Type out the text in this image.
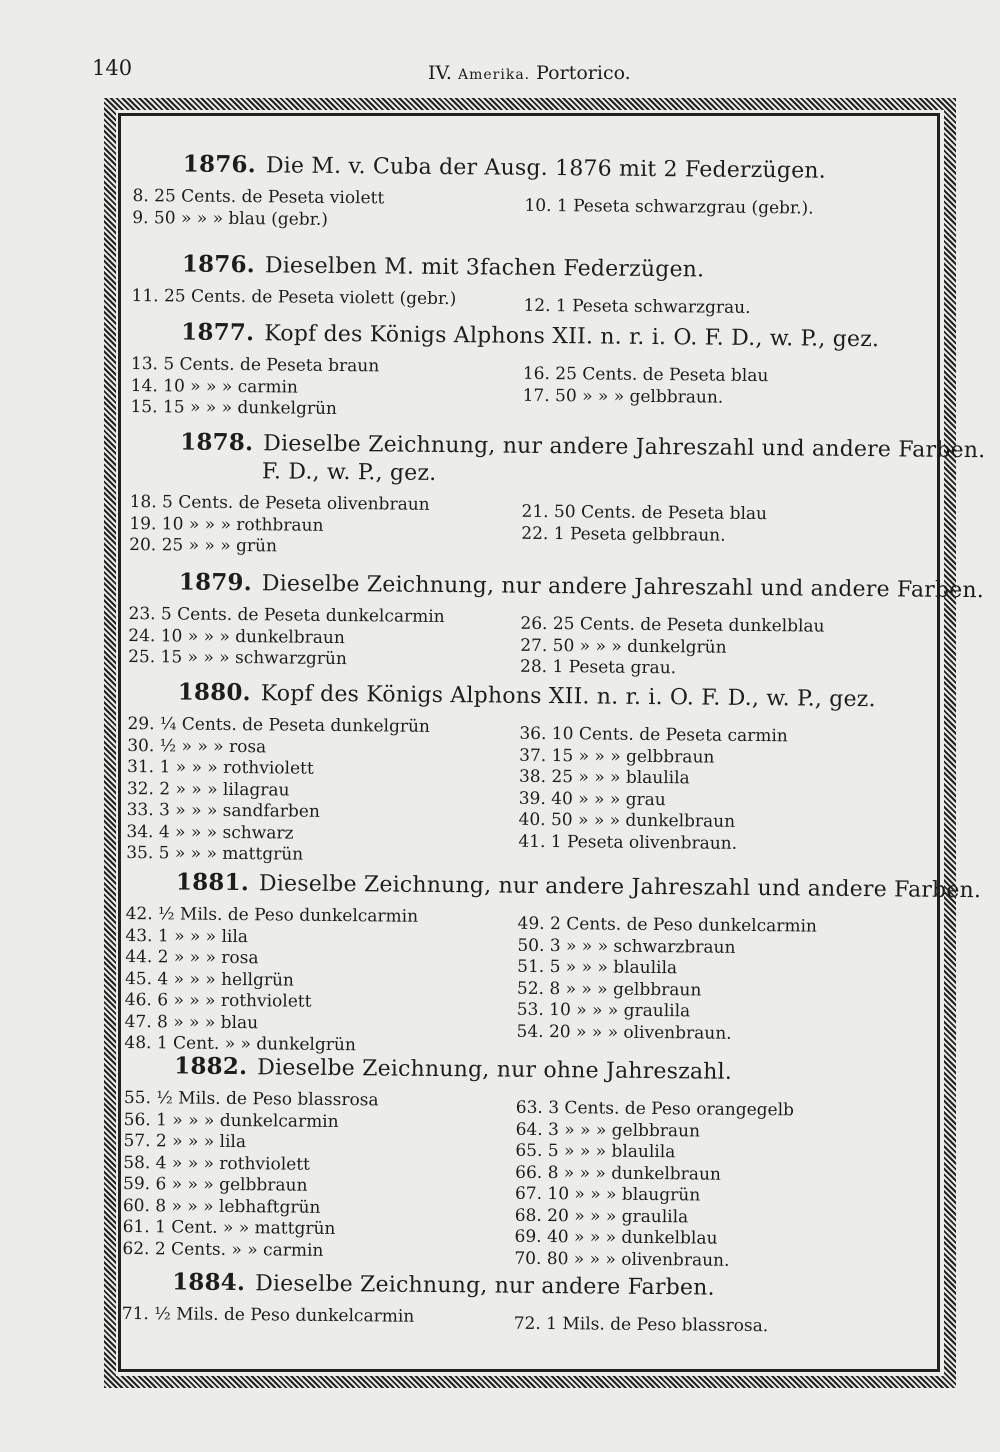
140	IV. Amerika. Portorico.
1876. Die M. v. Cuba der Ausg. 1876 mit 2 Federzügen.
8. 25 Cents. de Peseta violett
9. 50 » » » blau (gebr.)	10. 1 Peseta schwarzgrau (gebr.).
1876. Dieselben M. mit 3fachen Federzügen.
11. 25 Cents. de Peseta violett (gebr.)	12. 1 Peseta schwarzgrau.
1877. Kopf des Königs Alphons XII. n. r. i. O. F. D., w. P., gez.
13. 5 Cents. de Peseta braun
14. 10 » » » carmin
15. 15 » » » dunkelgrün
16. 25 Cents. de Peseta blau
17. 50 » » » gelbbraun.
1878. Dieselbe Zeichnung, nur andere Jahreszahl und andere Farben.
F. D., w. P., gez.
18. 5 Cents. de Peseta olivenbraun
19. 10 » » » rothbraun
20. 25 » » » grün
21. 50 Cents. de Peseta blau
22. 1 Peseta gelbbraun.
1879. Dieselbe Zeichnung, nur andere Jahreszahl und andere Farben.
23. 5 Cents. de Peseta dunkelcarmin
24. 10 » » » dunkelbraun
25. 15 » » » schwarzgrün
26. 25 Cents. de Peseta dunkelblau
27. 50 » » » dunkelgrün
28. 1 Peseta grau.
1880. Kopf des Königs Alphons XII. n. r. i. O. F. D., w. P., gez.
29. ¼ Cents. de Peseta dunkelgrün
30. ½ » » » rosa
31. 1 » » » rothviolett
32. 2 » » » lilagrau
33. 3 » » » sandfarben
34. 4 » » » schwarz
35. 5 » » » mattgrün
36. 10 Cents. de Peseta carmin
37. 15 » » » gelbbraun
38. 25 » » » blaulila
39. 40 » » » grau
40. 50 » » » dunkelbraun
41. 1 Peseta olivenbraun.
1881. Dieselbe Zeichnung, nur andere Jahreszahl und andere Farben.
42. ½ Mils. de Peso dunkelcarmin
43. 1 » » » lila
44. 2 » » » rosa
45. 4 » » » hellgrün
46. 6 » » » rothviolett
47. 8 » » » blau
48. 1 Cent. » » dunkelgrün
49. 2 Cents. de Peso dunkelcarmin
50. 3 » » » schwarzbraun
51. 5 » » » blaulila
52. 8 » » » gelbbraun
53. 10 » » » graulila
54. 20 » » » olivenbraun.
1882. Dieselbe Zeichnung, nur ohne Jahreszahl.
55. ½ Mils. de Peso blassrosa
56. 1 » » » dunkelcarmin
57. 2 » » » lila
58. 4 » » » rothviolett
59. 6 » » » gelbbraun
60. 8 » » » lebhaftgrün
61. 1 Cent. » » mattgrün
62. 2 Cents. » » carmin
63. 3 Cents. de Peso orangegelb
64. 3 » » » gelbbraun
65. 5 » » » blaulila
66. 8 » » » dunkelbraun
67. 10 » » » blaugrün
68. 20 » » » graulila
69. 40 » » » dunkelblau
70. 80 » » » olivenbraun.
1884. Dieselbe Zeichnung, nur andere Farben.
71. ½ Mils. de Peso dunkelcarmin	72. 1 Mils. de Peso blassrosa.
